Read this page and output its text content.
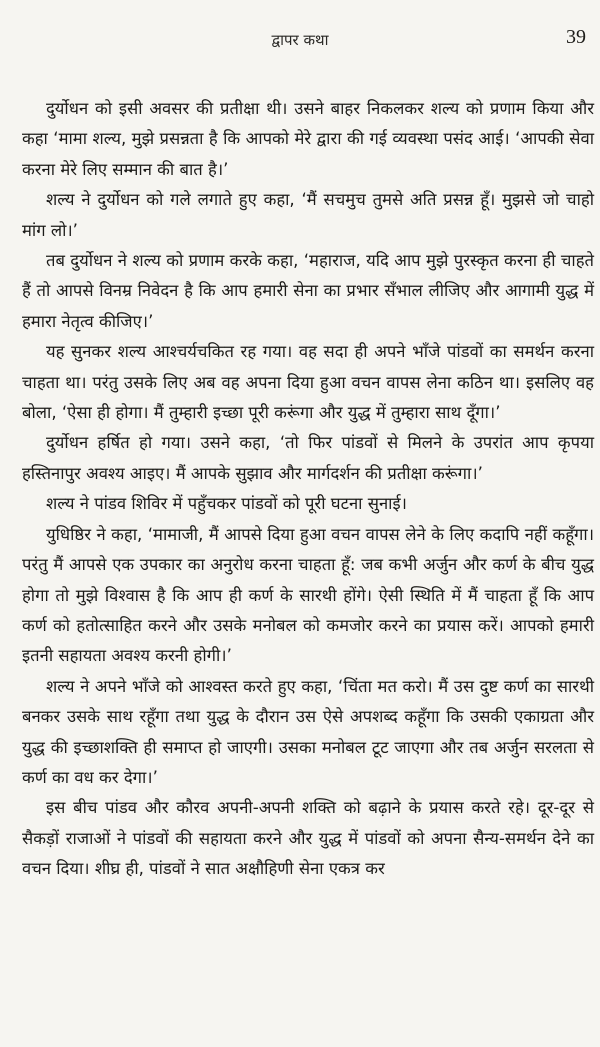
द्वापर कथा	39

दुर्योधन को इसी अवसर की प्रतीक्षा थी। उसने बाहर निकलकर शल्य को प्रणाम किया और कहा ‘मामा शल्य, मुझे प्रसन्नता है कि आपको मेरे द्वारा की गई व्यवस्था पसंद आई। ‘आपकी सेवा करना मेरे लिए सम्मान की बात है।’

शल्य ने दुर्योधन को गले लगाते हुए कहा, ‘मैं सचमुच तुमसे अति प्रसन्न हूँ। मुझसे जो चाहो मांग लो।’

तब दुर्योधन ने शल्य को प्रणाम करके कहा, ‘महाराज, यदि आप मुझे पुरस्कृत करना ही चाहते हैं तो आपसे विनम्र निवेदन है कि आप हमारी सेना का प्रभार सँभाल लीजिए और आगामी युद्ध में हमारा नेतृत्व कीजिए।’

यह सुनकर शल्य आश्चर्यचकित रह गया। वह सदा ही अपने भाँजे पांडवों का समर्थन करना चाहता था। परंतु उसके लिए अब वह अपना दिया हुआ वचन वापस लेना कठिन था। इसलिए वह बोला, ‘ऐसा ही होगा। मैं तुम्हारी इच्छा पूरी करूंगा और युद्ध में तुम्हारा साथ दूँगा।’

दुर्योधन हर्षित हो गया। उसने कहा, ‘तो फिर पांडवों से मिलने के उपरांत आप कृपया हस्तिनापुर अवश्य आइए। मैं आपके सुझाव और मार्गदर्शन की प्रतीक्षा करूंगा।’

शल्य ने पांडव शिविर में पहुँचकर पांडवों को पूरी घटना सुनाई।

युधिष्ठिर ने कहा, ‘मामाजी, मैं आपसे दिया हुआ वचन वापस लेने के लिए कदापि नहीं कहूँगा। परंतु मैं आपसे एक उपकार का अनुरोध करना चाहता हूँ: जब कभी अर्जुन और कर्ण के बीच युद्ध होगा तो मुझे विश्वास है कि आप ही कर्ण के सारथी होंगे। ऐसी स्थिति में मैं चाहता हूँ कि आप कर्ण को हतोत्साहित करने और उसके मनोबल को कमजोर करने का प्रयास करें। आपको हमारी इतनी सहायता अवश्य करनी होगी।’

शल्य ने अपने भाँजे को आश्वस्त करते हुए कहा, ‘चिंता मत करो। मैं उस दुष्ट कर्ण का सारथी बनकर उसके साथ रहूँगा तथा युद्ध के दौरान उस ऐसे अपशब्द कहूँगा कि उसकी एकाग्रता और युद्ध की इच्छाशक्ति ही समाप्त हो जाएगी। उसका मनोबल टूट जाएगा और तब अर्जुन सरलता से कर्ण का वध कर देगा।’

इस बीच पांडव और कौरव अपनी-अपनी शक्ति को बढ़ाने के प्रयास करते रहे। दूर-दूर से सैकड़ों राजाओं ने पांडवों की सहायता करने और युद्ध में पांडवों को अपना सैन्य-समर्थन देने का वचन दिया। शीघ्र ही, पांडवों ने सात अक्षौहिणी सेना एकत्र कर
